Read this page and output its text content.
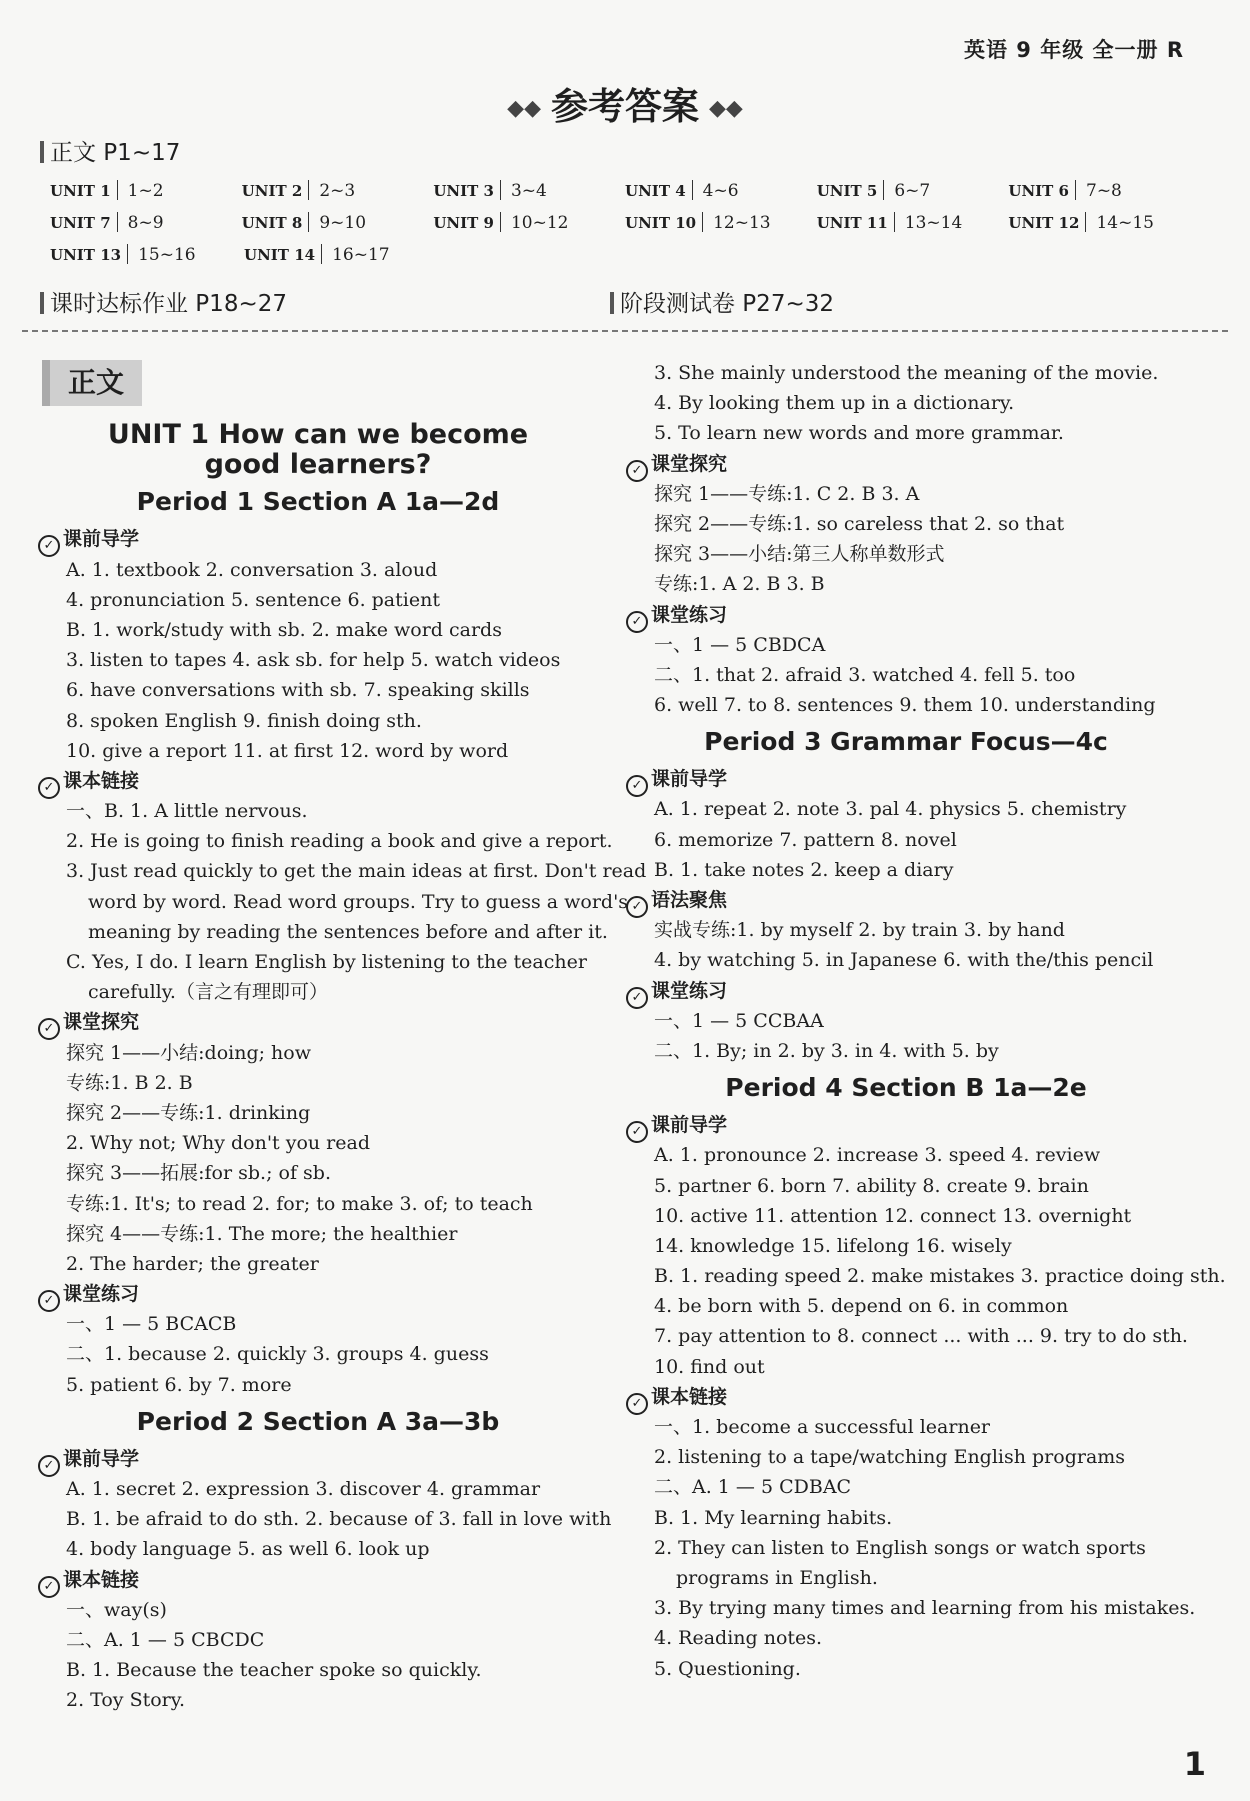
英语 9 年级 全一册 R
◆◆ 参考答案 ◆◆
正文 P1~17
UNIT 1 1~2	UNIT 2 2~3	UNIT 3 3~4	UNIT 4 4~6	UNIT 5 6~7	UNIT 6 7~8
UNIT 7 8~9	UNIT 8 9~10	UNIT 9 10~12	UNIT 10 12~13	UNIT 11 13~14	UNIT 12 14~15
UNIT 13 15~16	UNIT 14 16~17
课时达标作业 P18~27	阶段测试卷 P27~32
正文
UNIT 1 How can we become
good learners?
Period 1 Section A 1a—2d
✓ 课前导学
A. 1. textbook 2. conversation 3. aloud
4. pronunciation 5. sentence 6. patient
B. 1. work/study with sb. 2. make word cards
3. listen to tapes 4. ask sb. for help 5. watch videos
6. have conversations with sb. 7. speaking skills
8. spoken English 9. finish doing sth.
10. give a report 11. at first 12. word by word
✓ 课本链接
一、B. 1. A little nervous.
2. He is going to finish reading a book and give a report.
3. Just read quickly to get the main ideas at first. Don't read
word by word. Read word groups. Try to guess a word's
meaning by reading the sentences before and after it.
C. Yes, I do. I learn English by listening to the teacher
carefully.（言之有理即可）
✓ 课堂探究
探究 1——小结:doing; how
专练:1. B 2. B
探究 2——专练:1. drinking
2. Why not; Why don't you read
探究 3——拓展:for sb.; of sb.
专练:1. It's; to read 2. for; to make 3. of; to teach
探究 4——专练:1. The more; the healthier
2. The harder; the greater
✓ 课堂练习
一、1 — 5 BCACB
二、1. because 2. quickly 3. groups 4. guess
5. patient 6. by 7. more
Period 2 Section A 3a—3b
✓ 课前导学
A. 1. secret 2. expression 3. discover 4. grammar
B. 1. be afraid to do sth. 2. because of 3. fall in love with
4. body language 5. as well 6. look up
✓ 课本链接
一、way(s)
二、A. 1 — 5 CBCDC
B. 1. Because the teacher spoke so quickly.
2. Toy Story.
3. She mainly understood the meaning of the movie.
4. By looking them up in a dictionary.
5. To learn new words and more grammar.
✓ 课堂探究
探究 1——专练:1. C 2. B 3. A
探究 2——专练:1. so careless that 2. so that
探究 3——小结:第三人称单数形式
专练:1. A 2. B 3. B
✓ 课堂练习
一、1 — 5 CBDCA
二、1. that 2. afraid 3. watched 4. fell 5. too
6. well 7. to 8. sentences 9. them 10. understanding
Period 3 Grammar Focus—4c
✓ 课前导学
A. 1. repeat 2. note 3. pal 4. physics 5. chemistry
6. memorize 7. pattern 8. novel
B. 1. take notes 2. keep a diary
✓ 语法聚焦
实战专练:1. by myself 2. by train 3. by hand
4. by watching 5. in Japanese 6. with the/this pencil
✓ 课堂练习
一、1 — 5 CCBAA
二、1. By; in 2. by 3. in 4. with 5. by
Period 4 Section B 1a—2e
✓ 课前导学
A. 1. pronounce 2. increase 3. speed 4. review
5. partner 6. born 7. ability 8. create 9. brain
10. active 11. attention 12. connect 13. overnight
14. knowledge 15. lifelong 16. wisely
B. 1. reading speed 2. make mistakes 3. practice doing sth.
4. be born with 5. depend on 6. in common
7. pay attention to 8. connect ... with ... 9. try to do sth.
10. find out
✓ 课本链接
一、1. become a successful learner
2. listening to a tape/watching English programs
二、A. 1 — 5 CDBAC
B. 1. My learning habits.
2. They can listen to English songs or watch sports
programs in English.
3. By trying many times and learning from his mistakes.
4. Reading notes.
5. Questioning.
1
